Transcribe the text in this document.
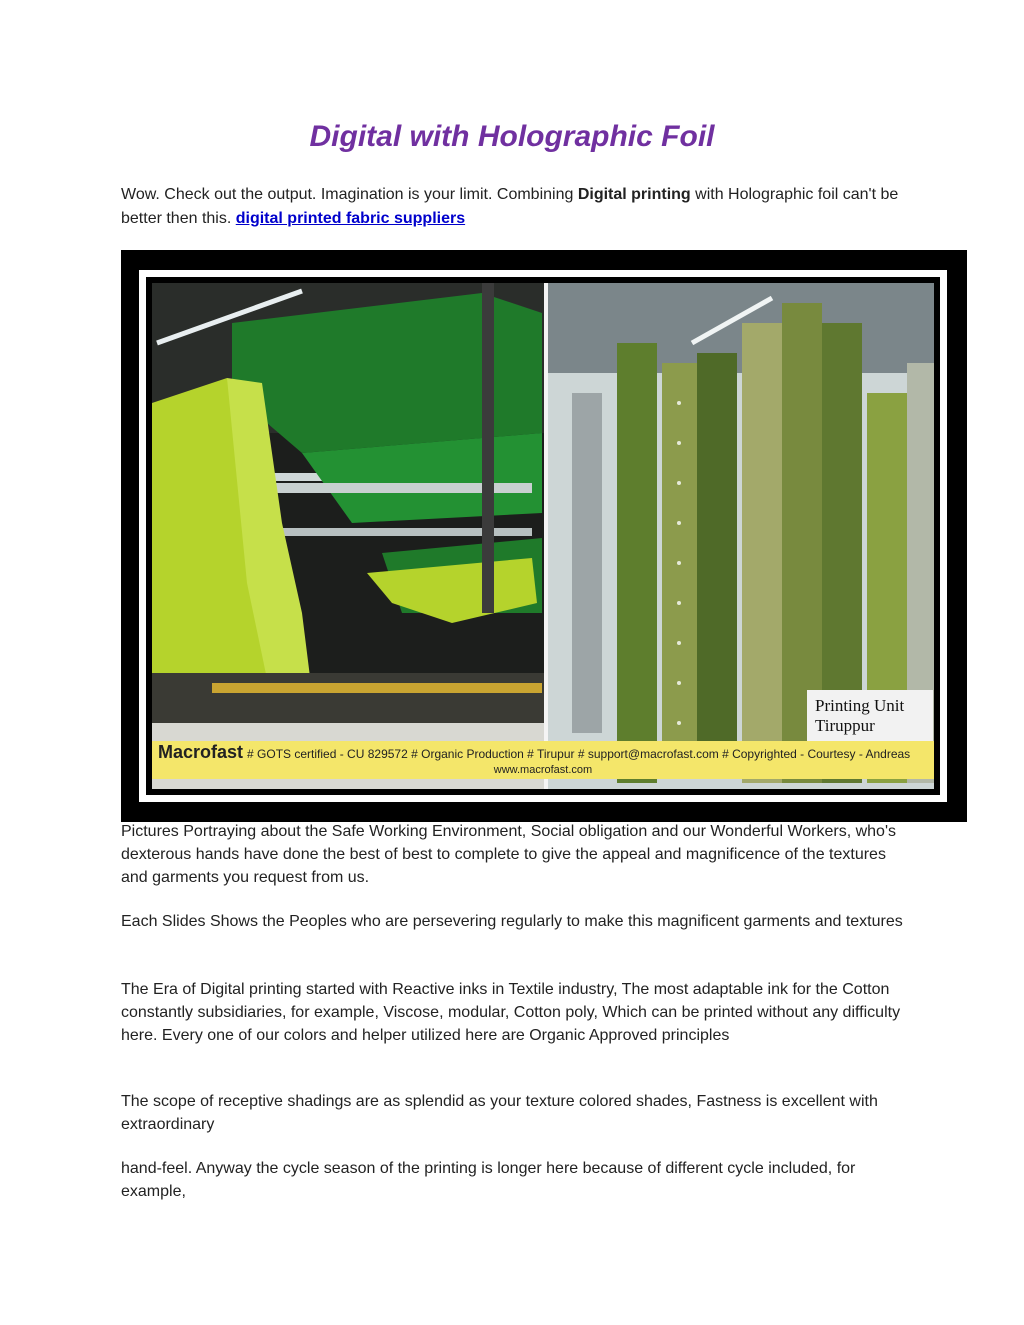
Digital with Holographic Foil

Wow. Check out the output. Imagination is your limit. Combining Digital printing with Holographic foil can't be better then this. digital printed fabric suppliers

Printing Unit
Tiruppur
Macrofast # GOTS certified - CU 829572 # Organic Production # Tirupur # support@macrofast.com # Copyrighted - Courtesy - Andreas
www.macrofast.com

Pictures Portraying about the Safe Working Environment, Social obligation and our Wonderful Workers, who's dexterous hands have done the best of best to complete to give the appeal and magnificence of the textures and garments you request from us.

Each Slides Shows the Peoples who are persevering regularly to make this magnificent garments and textures

The Era of Digital printing started with Reactive inks in Textile industry, The most adaptable ink for the Cotton constantly subsidiaries, for example, Viscose, modular, Cotton poly, Which can be printed without any difficulty here. Every one of our colors and helper utilized here are Organic Approved principles

The scope of receptive shadings are as splendid as your texture colored shades, Fastness is excellent with extraordinary

hand-feel. Anyway the cycle season of the printing is longer here because of different cycle included, for example,
